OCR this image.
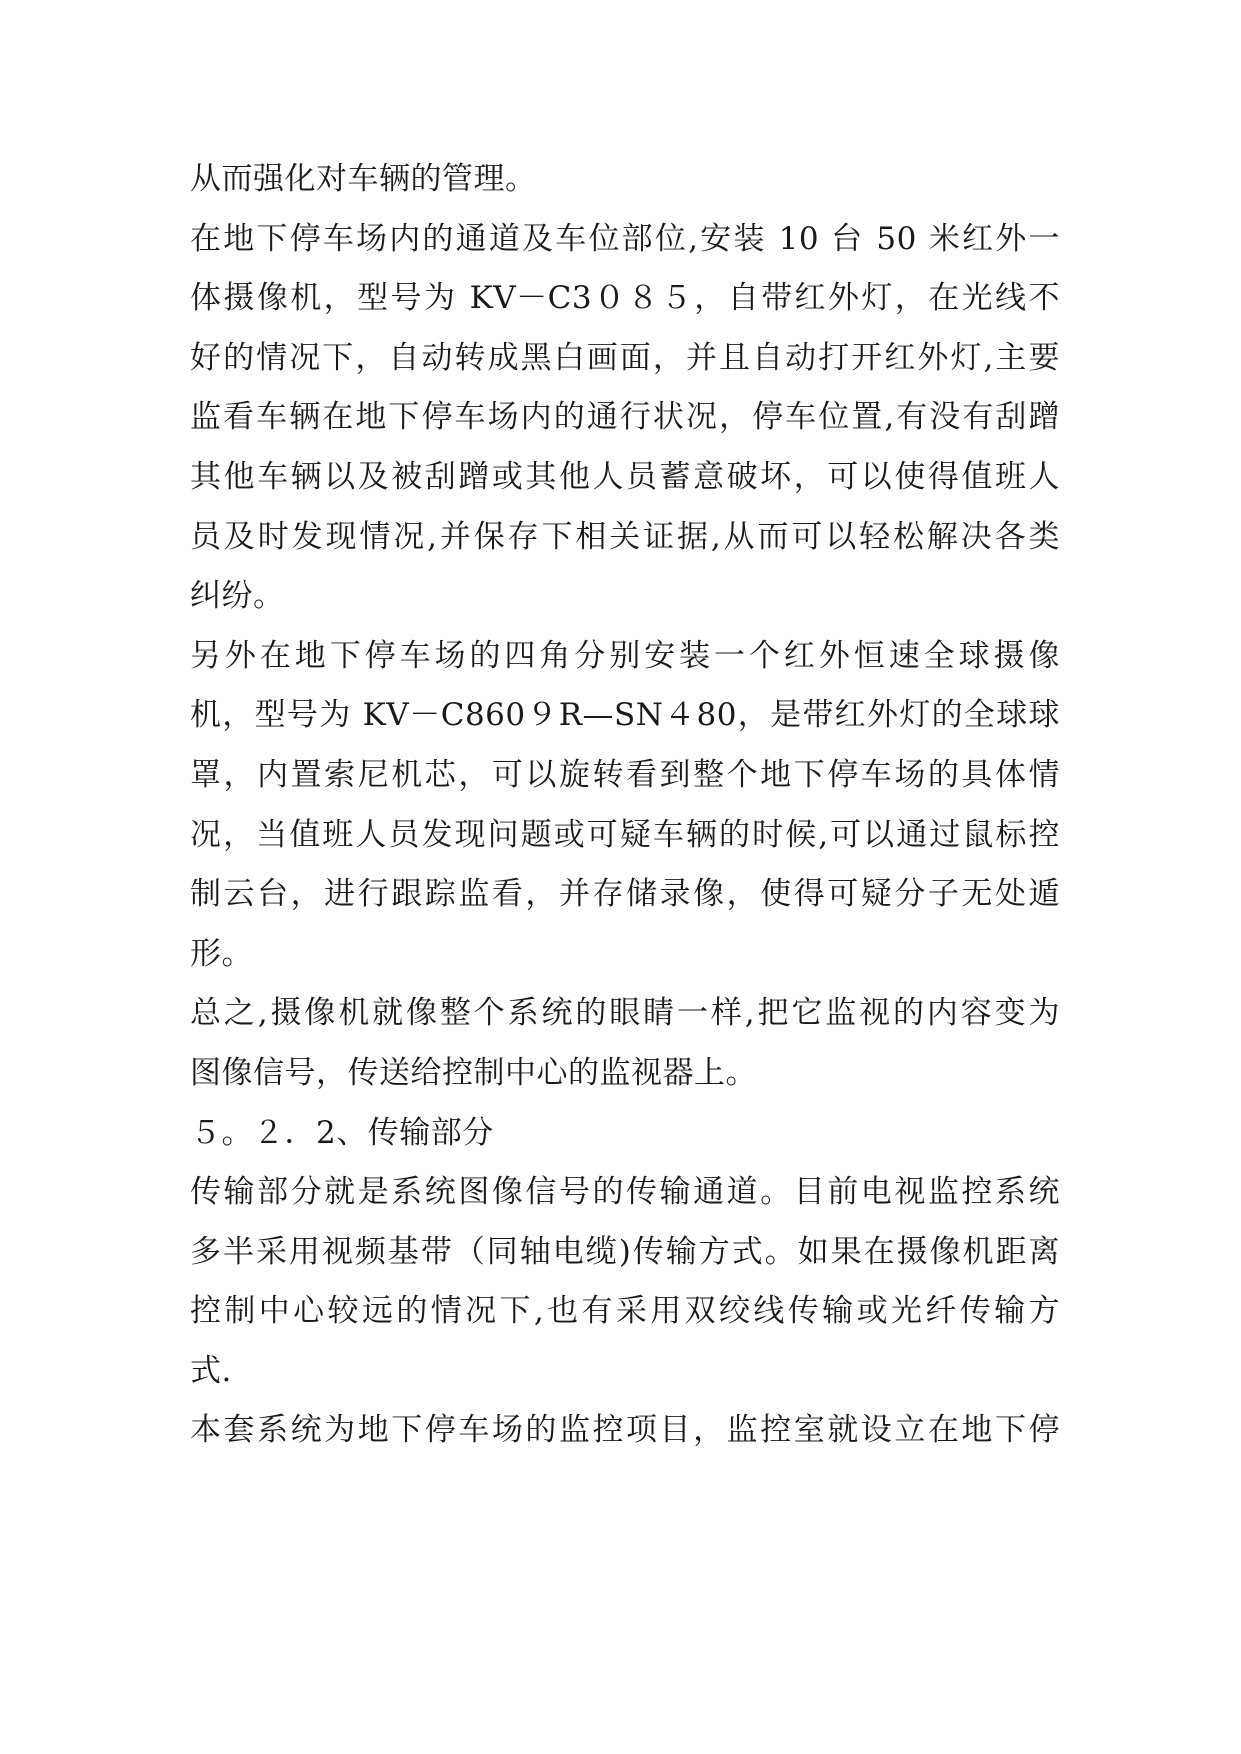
从而强化对车辆的管理。
在地下停车场内的通道及车位部位,安装 10 台 50 米红外一
体摄像机，型号为 KV－C3０８５，自带红外灯，在光线不
好的情况下，自动转成黑白画面，并且自动打开红外灯,主要
监看车辆在地下停车场内的通行状况，停车位置,有没有刮蹭
其他车辆以及被刮蹭或其他人员蓄意破坏，可以使得值班人
员及时发现情况,并保存下相关证据,从而可以轻松解决各类
纠纷。
另外在地下停车场的四角分别安装一个红外恒速全球摄像
机，型号为 KV－C860９R—SN４80，是带红外灯的全球球
罩，内置索尼机芯，可以旋转看到整个地下停车场的具体情
况，当值班人员发现问题或可疑车辆的时候,可以通过鼠标控
制云台，进行跟踪监看，并存储录像，使得可疑分子无处遁
形。
总之,摄像机就像整个系统的眼睛一样,把它监视的内容变为
图像信号，传送给控制中心的监视器上。
５。２．2、传输部分
传输部分就是系统图像信号的传输通道。目前电视监控系统
多半采用视频基带（同轴电缆)传输方式。如果在摄像机距离
控制中心较远的情况下,也有采用双绞线传输或光纤传输方
式.
本套系统为地下停车场的监控项目，监控室就设立在地下停
